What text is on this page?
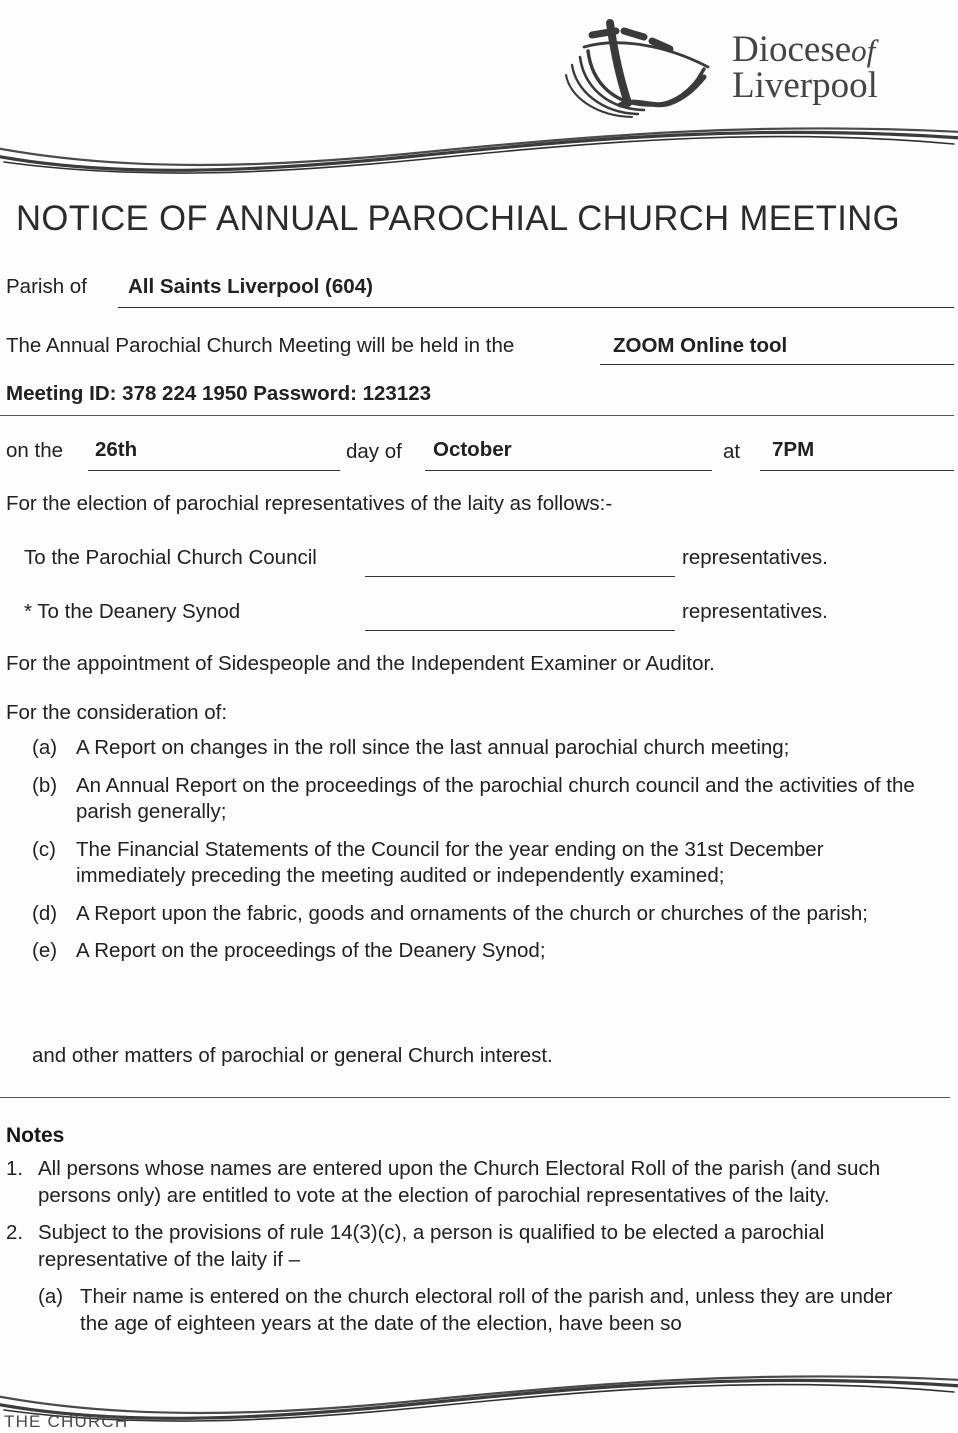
Dioceseof
Liverpool
NOTICE OF ANNUAL PAROCHIAL CHURCH MEETING
Parish of All Saints Liverpool (604)
The Annual Parochial Church Meeting will be held in the	ZOOM Online tool
Meeting ID: 378 224 1950 Password: 123123
on the 26th	day of October	at 7PM
For the election of parochial representatives of the laity as follows:-
To the Parochial Church Council	representatives.
* To the Deanery Synod	representatives.
For the appointment of Sidespeople and the Independent Examiner or Auditor.
For the consideration of:
(a) A Report on changes in the roll since the last annual parochial church meeting;
(b) An Annual Report on the proceedings of the parochial church council and the activities of the parish generally;
(c) The Financial Statements of the Council for the year ending on the 31st December immediately preceding the meeting audited or independently examined;
(d) A Report upon the fabric, goods and ornaments of the church or churches of the parish;
(e) A Report on the proceedings of the Deanery Synod;
and other matters of parochial or general Church interest.
Notes
1. All persons whose names are entered upon the Church Electoral Roll of the parish (and such persons only) are entitled to vote at the election of parochial representatives of the laity.
2. Subject to the provisions of rule 14(3)(c), a person is qualified to be elected a parochial representative of the laity if –
(a) Their name is entered on the church electoral roll of the parish and, unless they are under the age of eighteen years at the date of the election, have been so
THE CHURCH
